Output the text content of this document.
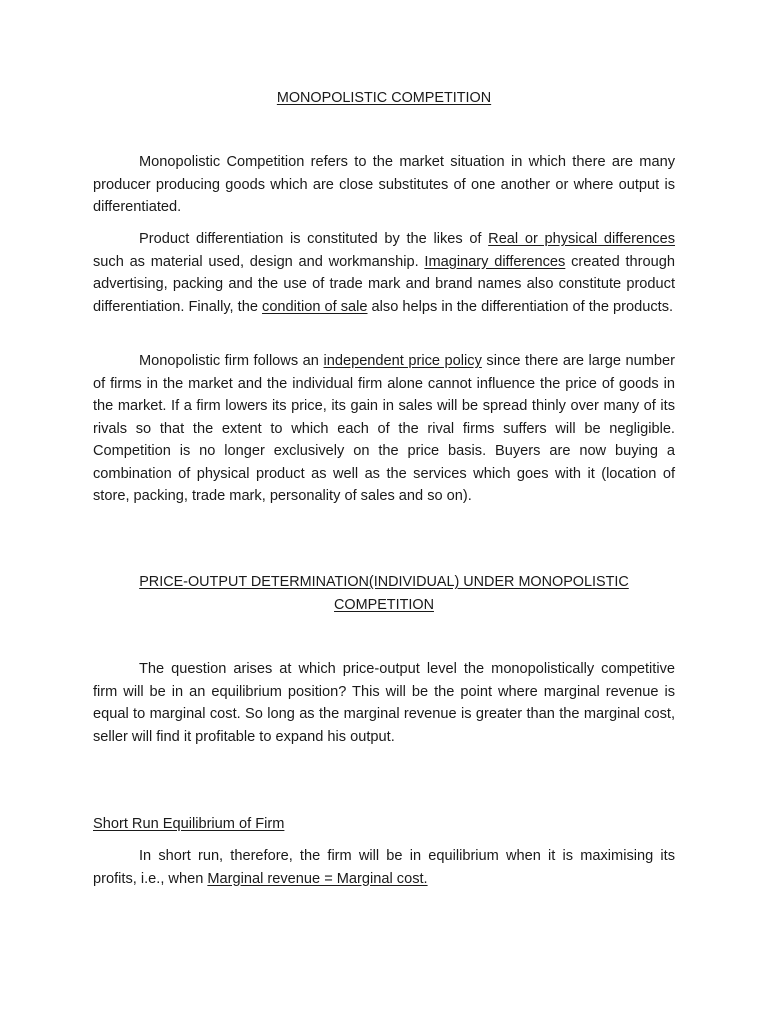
MONOPOLISTIC COMPETITION

Monopolistic Competition refers to the market situation in which there are many producer producing goods which are close substitutes of one another or where output is differentiated.

Product differentiation is constituted by the likes of Real or physical differences such as material used, design and workmanship. Imaginary differences created through advertising, packing and the use of trade mark and brand names also constitute product differentiation. Finally, the condition of sale also helps in the differentiation of the products.

Monopolistic firm follows an independent price policy since there are large number of firms in the market and the individual firm alone cannot influence the price of goods in the market. If a firm lowers its price, its gain in sales will be spread thinly over many of its rivals so that the extent to which each of the rival firms suffers will be negligible. Competition is no longer exclusively on the price basis. Buyers are now buying a combination of physical product as well as the services which goes with it (location of store, packing, trade mark, personality of sales and so on).

PRICE-OUTPUT DETERMINATION(INDIVIDUAL) UNDER MONOPOLISTIC
COMPETITION

The question arises at which price-output level the monopolistically competitive firm will be in an equilibrium position? This will be the point where marginal revenue is equal to marginal cost. So long as the marginal revenue is greater than the marginal cost, seller will find it profitable to expand his output.

Short Run Equilibrium of Firm

In short run, therefore, the firm will be in equilibrium when it is maximising its profits, i.e., when Marginal revenue = Marginal cost.
